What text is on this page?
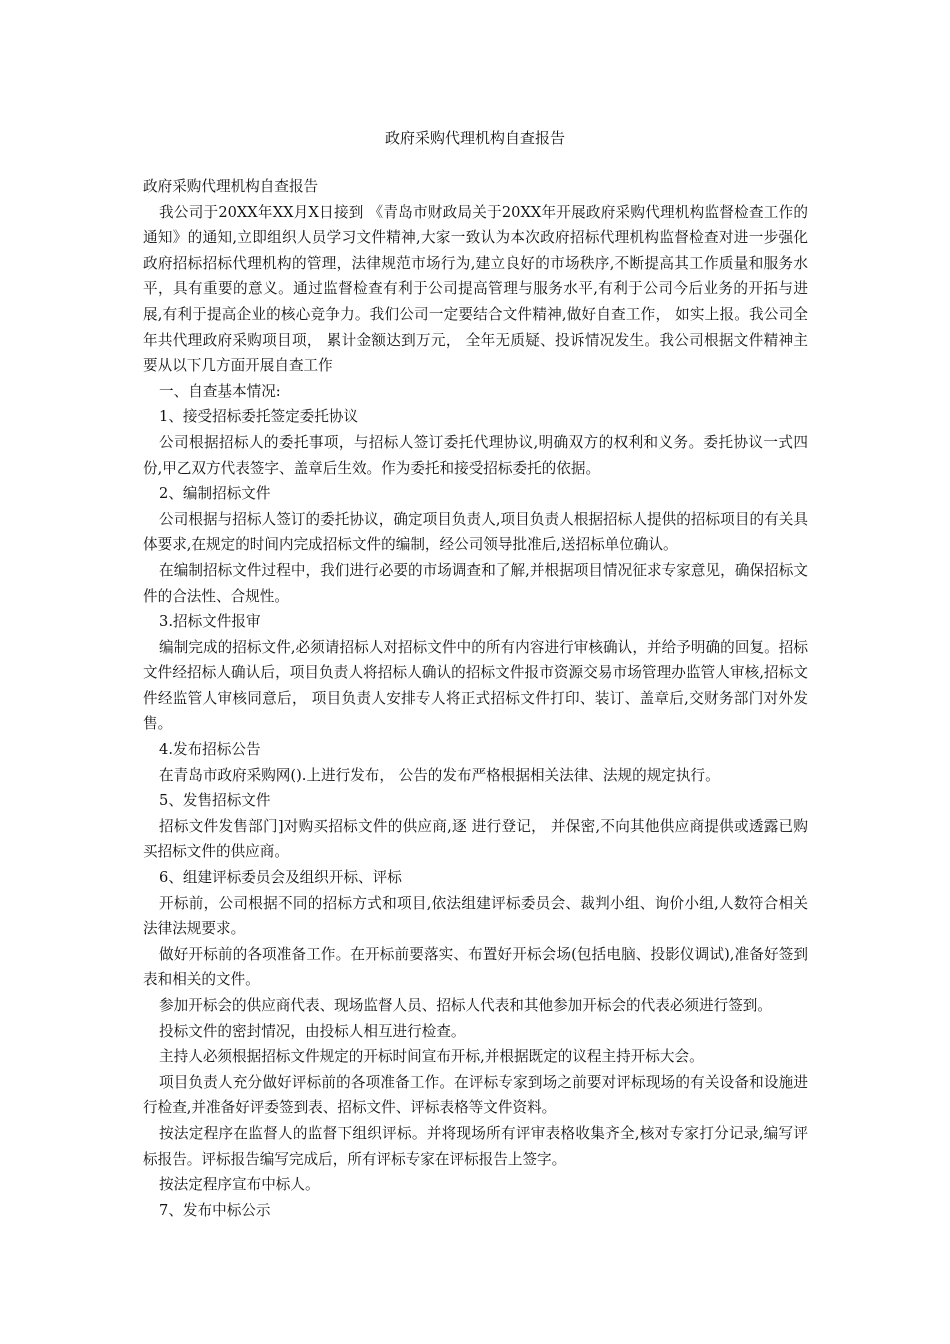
政府采购代理机构自查报告

政府采购代理机构自查报告

我公司于20XX年XX月X日接到 《青岛市财政局关于20XX年开展政府采购代理机构监督检查工作的通知》的通知,立即组织人员学习文件精神,大家一致认为本次政府招标代理机构监督检查对进一步强化政府招标招标代理机构的管理，法律规范市场行为,建立良好的市场秩序,不断提高其工作质量和服务水平，具有重要的意义。通过监督检查有利于公司提高管理与服务水平,有利于公司今后业务的开拓与进展,有利于提高企业的核心竞争力。我们公司一定要结合文件精神,做好自查工作， 如实上报。我公司全年共代理政府采购项目项， 累计金额达到万元， 全年无质疑、投诉情况发生。我公司根据文件精神主要从以下几方面开展自查工作

一、自查基本情况:

1、接受招标委托签定委托协议

公司根据招标人的委托事项，与招标人签订委托代理协议,明确双方的权利和义务。委托协议一式四份,甲乙双方代表签字、盖章后生效。作为委托和接受招标委托的依据。

2、编制招标文件

公司根据与招标人签订的委托协议，确定项目负责人,项目负责人根据招标人提供的招标项目的有关具体要求,在规定的时间内完成招标文件的编制，经公司领导批准后,送招标单位确认。

在编制招标文件过程中，我们进行必要的市场调查和了解,并根据项目情况征求专家意见，确保招标文件的合法性、合规性。

3.招标文件报审

编制完成的招标文件,必须请招标人对招标文件中的所有内容进行审核确认，并给予明确的回复。招标文件经招标人确认后，项目负责人将招标人确认的招标文件报市资源交易市场管理办监管人审核,招标文件经监管人审核同意后， 项目负责人安排专人将正式招标文件打印、装订、盖章后,交财务部门对外发售。

4.发布招标公告

在青岛市政府采购网().上进行发布， 公告的发布严格根据相关法律、法规的规定执行。

5、发售招标文件

招标文件发售部门]对购买招标文件的供应商,逐 进行登记， 并保密,不向其他供应商提供或透露已购买招标文件的供应商。

6、组建评标委员会及组织开标、评标

开标前，公司根据不同的招标方式和项目,依法组建评标委员会、裁判小组、询价小组,人数符合相关法律法规要求。

做好开标前的各项准备工作。在开标前要落实、布置好开标会场(包括电脑、投影仪调试),准备好签到表和相关的文件。

参加开标会的供应商代表、现场监督人员、招标人代表和其他参加开标会的代表必须进行签到。

投标文件的密封情况，由投标人相互进行检查。

主持人必须根据招标文件规定的开标时间宣布开标,并根据既定的议程主持开标大会。

项目负责人充分做好评标前的各项准备工作。在评标专家到场之前要对评标现场的有关设备和设施进行检查,并准备好评委签到表、招标文件、评标表格等文件资料。

按法定程序在监督人的监督下组织评标。并将现场所有评审表格收集齐全,核对专家打分记录,编写评标报告。评标报告编写完成后，所有评标专家在评标报告上签字。

按法定程序宣布中标人。

7、发布中标公示
